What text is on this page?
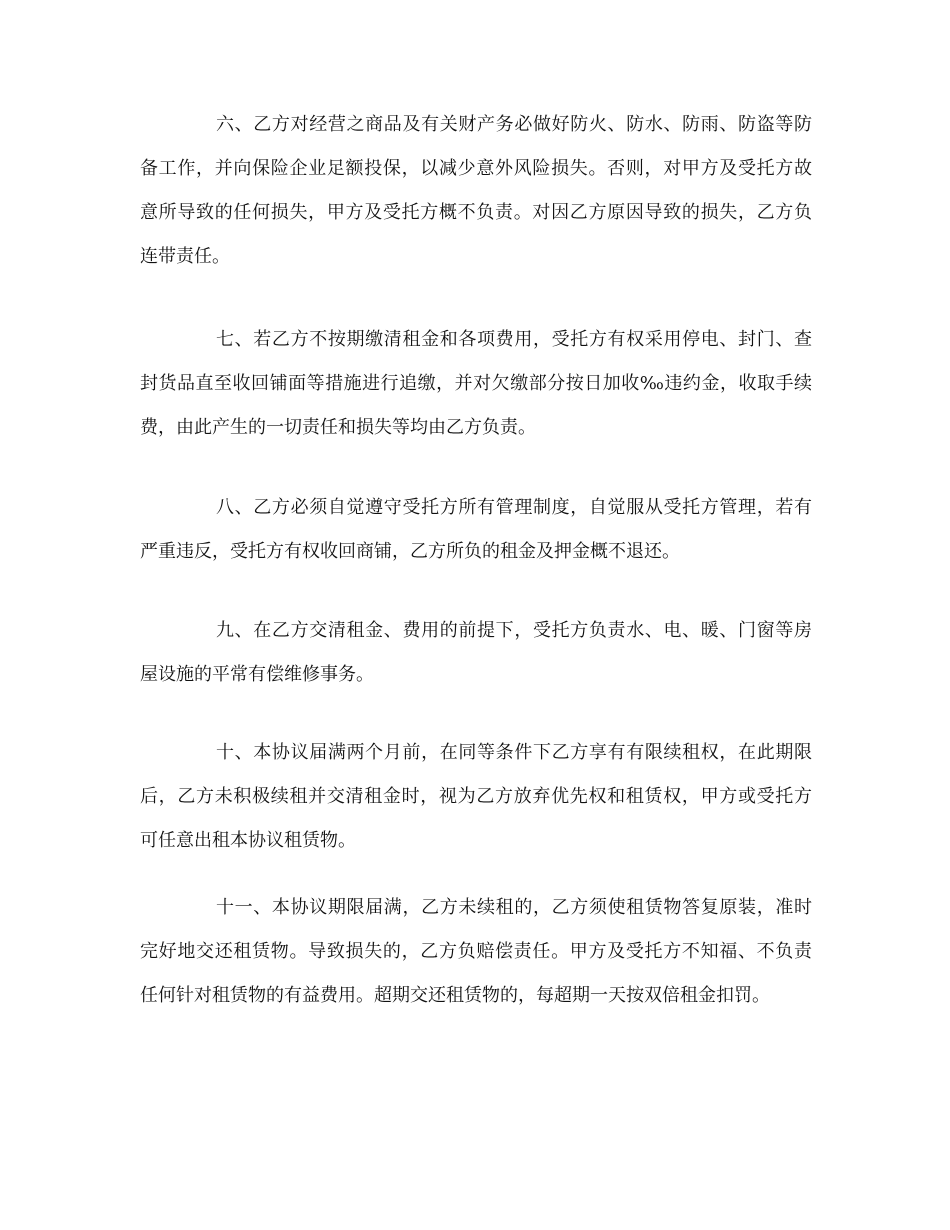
六、乙方对经营之商品及有关财产务必做好防火、防水、防雨、防盗等防
备工作，并向保险企业足额投保，以减少意外风险损失。否则，对甲方及受托方故
意所导致的任何损失，甲方及受托方概不负责。对因乙方原因导致的损失，乙方负
连带责任。
七、若乙方不按期缴清租金和各项费用，受托方有权采用停电、封门、查
封货品直至收回铺面等措施进行追缴，并对欠缴部分按日加收‰违约金，收取手续
费，由此产生的一切责任和损失等均由乙方负责。
八、乙方必须自觉遵守受托方所有管理制度，自觉服从受托方管理，若有
严重违反，受托方有权收回商铺，乙方所负的租金及押金概不退还。
九、在乙方交清租金、费用的前提下，受托方负责水、电、暖、门窗等房
屋设施的平常有偿维修事务。
十、本协议届满两个月前，在同等条件下乙方享有有限续租权，在此期限
后，乙方未积极续租并交清租金时，视为乙方放弃优先权和租赁权，甲方或受托方
可任意出租本协议租赁物。
十一、本协议期限届满，乙方未续租的，乙方须使租赁物答复原装，准时
完好地交还租赁物。导致损失的，乙方负赔偿责任。甲方及受托方不知福、不负责
任何针对租赁物的有益费用。超期交还租赁物的，每超期一天按双倍租金扣罚。
